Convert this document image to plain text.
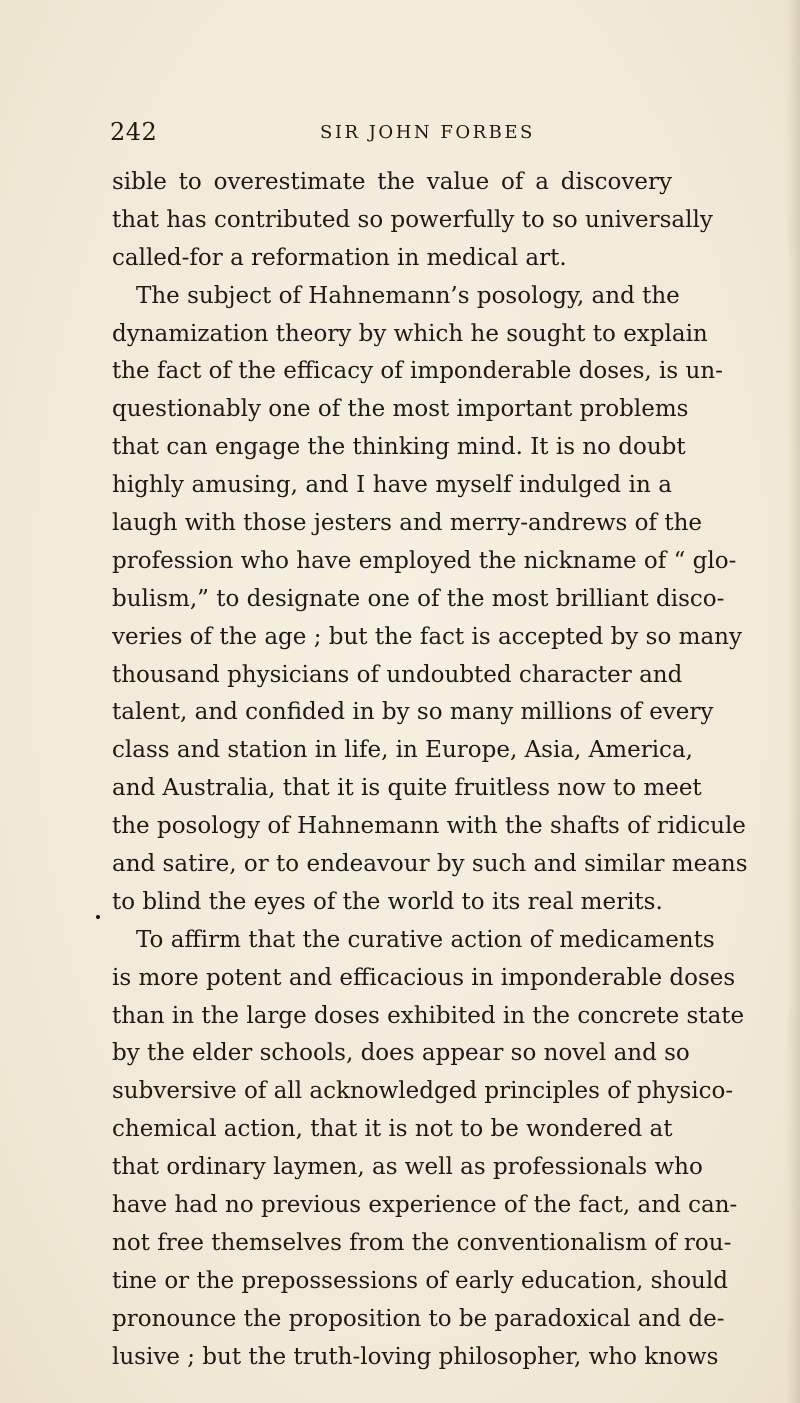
242	SIR JOHN FORBES
sible to overestimate the value of a discovery
that has contributed so powerfully to so universally
called-for a reformation in medical art.
The subject of Hahnemann’s posology, and the
dynamization theory by which he sought to explain
the fact of the efficacy of imponderable doses, is un-
questionably one of the most important problems
that can engage the thinking mind. It is no doubt
highly amusing, and I have myself indulged in a
laugh with those jesters and merry-andrews of the
profession who have employed the nickname of “ glo-
bulism,” to designate one of the most brilliant disco-
veries of the age ; but the fact is accepted by so many
thousand physicians of undoubted character and
talent, and confided in by so many millions of every
class and station in life, in Europe, Asia, America,
and Australia, that it is quite fruitless now to meet
the posology of Hahnemann with the shafts of ridicule
and satire, or to endeavour by such and similar means
to blind the eyes of the world to its real merits.
To affirm that the curative action of medicaments
is more potent and efficacious in imponderable doses
than in the large doses exhibited in the concrete state
by the elder schools, does appear so novel and so
subversive of all acknowledged principles of physico-
chemical action, that it is not to be wondered at
that ordinary laymen, as well as professionals who
have had no previous experience of the fact, and can-
not free themselves from the conventionalism of rou-
tine or the prepossessions of early education, should
pronounce the proposition to be paradoxical and de-
lusive ; but the truth-loving philosopher, who knows
